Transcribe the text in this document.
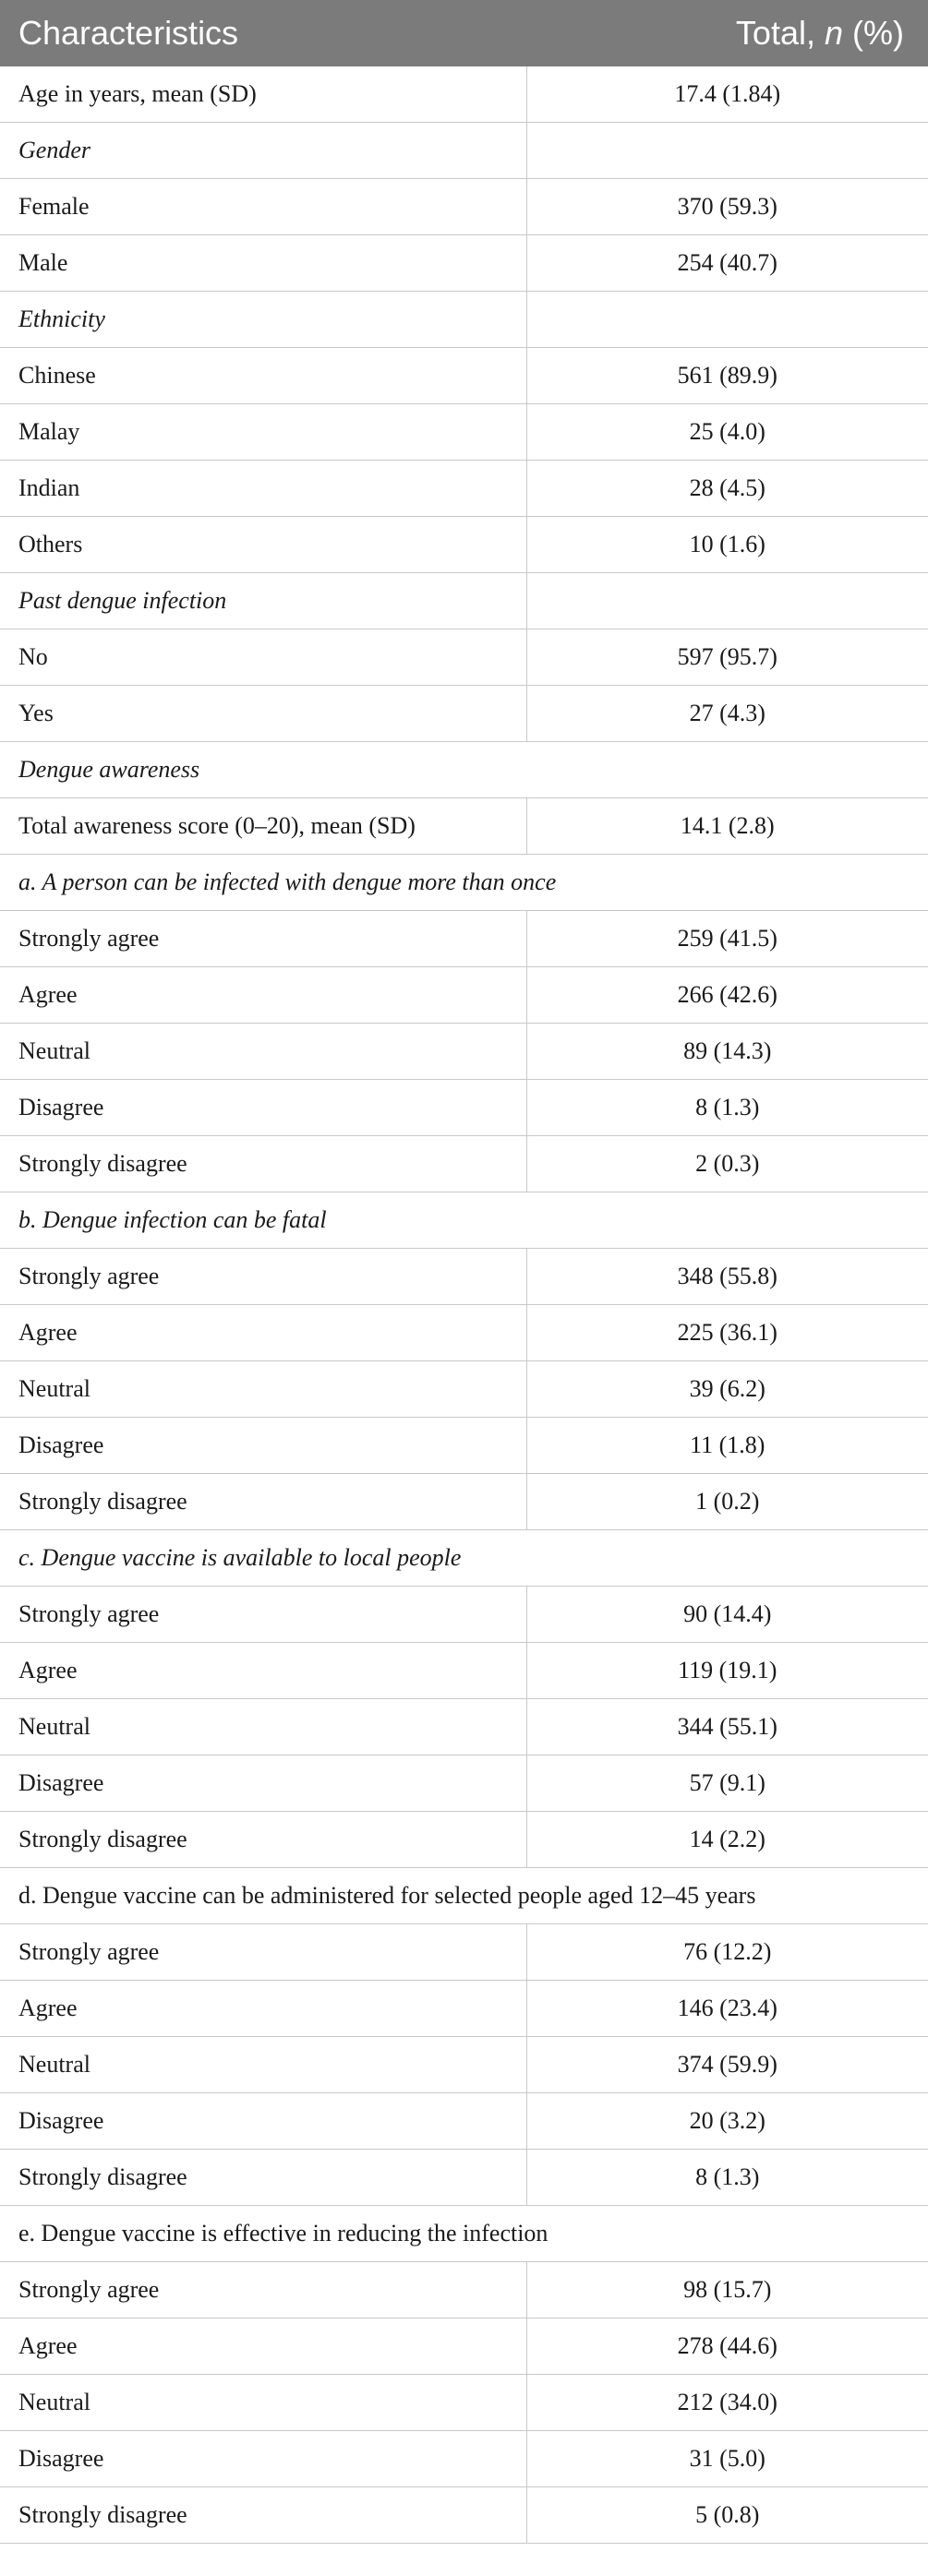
Characteristics	Total, n (%)
Age in years, mean (SD)	17.4 (1.84)
Gender	
Female	370 (59.3)
Male	254 (40.7)
Ethnicity	
Chinese	561 (89.9)
Malay	25 (4.0)
Indian	28 (4.5)
Others	10 (1.6)
Past dengue infection	
No	597 (95.7)
Yes	27 (4.3)
Dengue awareness	
Total awareness score (0–20), mean (SD)	14.1 (2.8)
a. A person can be infected with dengue more than once	
Strongly agree	259 (41.5)
Agree	266 (42.6)
Neutral	89 (14.3)
Disagree	8 (1.3)
Strongly disagree	2 (0.3)
b. Dengue infection can be fatal	
Strongly agree	348 (55.8)
Agree	225 (36.1)
Neutral	39 (6.2)
Disagree	11 (1.8)
Strongly disagree	1 (0.2)
c. Dengue vaccine is available to local people	
Strongly agree	90 (14.4)
Agree	119 (19.1)
Neutral	344 (55.1)
Disagree	57 (9.1)
Strongly disagree	14 (2.2)
d. Dengue vaccine can be administered for selected people aged 12–45 years	
Strongly agree	76 (12.2)
Agree	146 (23.4)
Neutral	374 (59.9)
Disagree	20 (3.2)
Strongly disagree	8 (1.3)
e. Dengue vaccine is effective in reducing the infection	
Strongly agree	98 (15.7)
Agree	278 (44.6)
Neutral	212 (34.0)
Disagree	31 (5.0)
Strongly disagree	5 (0.8)
